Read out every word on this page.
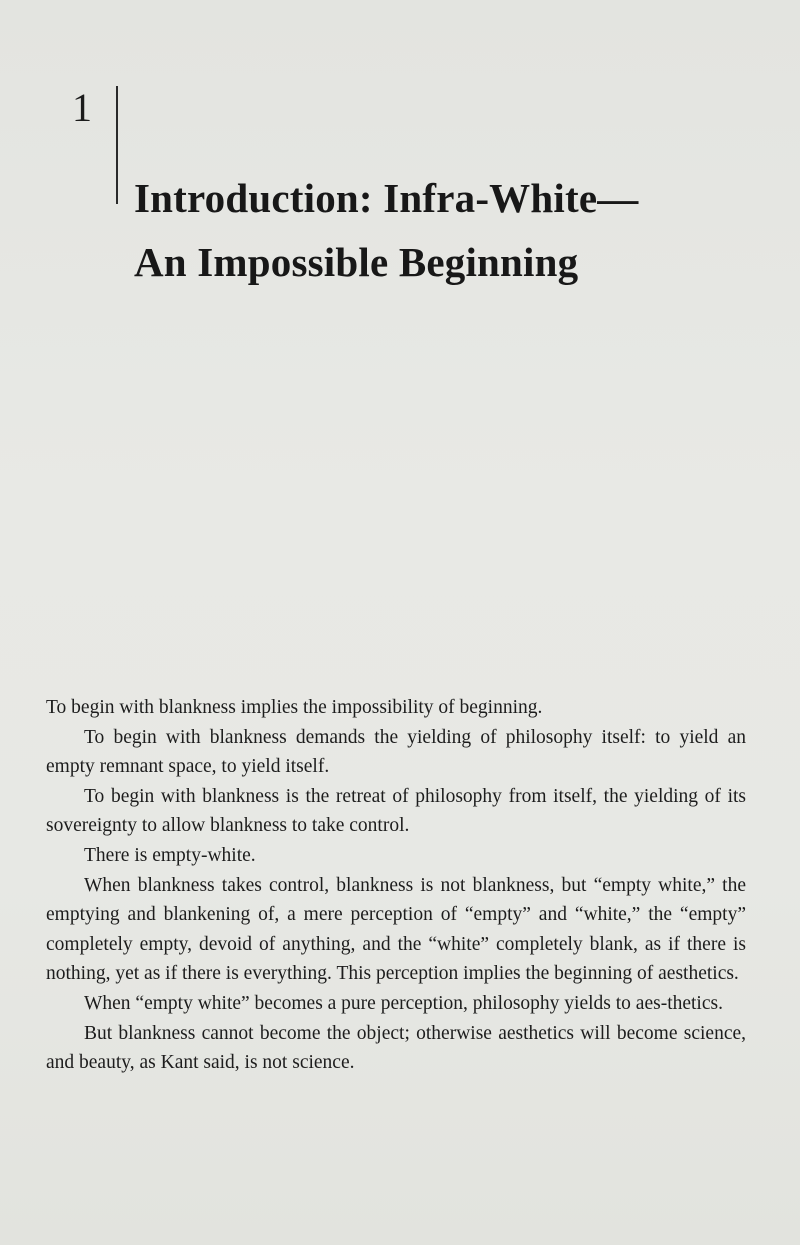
1
Introduction: Infra-White—
An Impossible Beginning

To begin with blankness implies the impossibility of beginning.

To begin with blankness demands the yielding of philosophy itself: to yield an empty remnant space, to yield itself.

To begin with blankness is the retreat of philosophy from itself, the yielding of its sovereignty to allow blankness to take control.

There is empty-white.

When blankness takes control, blankness is not blankness, but “empty white,” the emptying and blankening of, a mere perception of “empty” and “white,” the “empty” completely empty, devoid of anything, and the “white” completely blank, as if there is nothing, yet as if there is everything. This perception implies the beginning of aesthetics.

When “empty white” becomes a pure perception, philosophy yields to aes-thetics.

But blankness cannot become the object; otherwise aesthetics will become science, and beauty, as Kant said, is not science.
